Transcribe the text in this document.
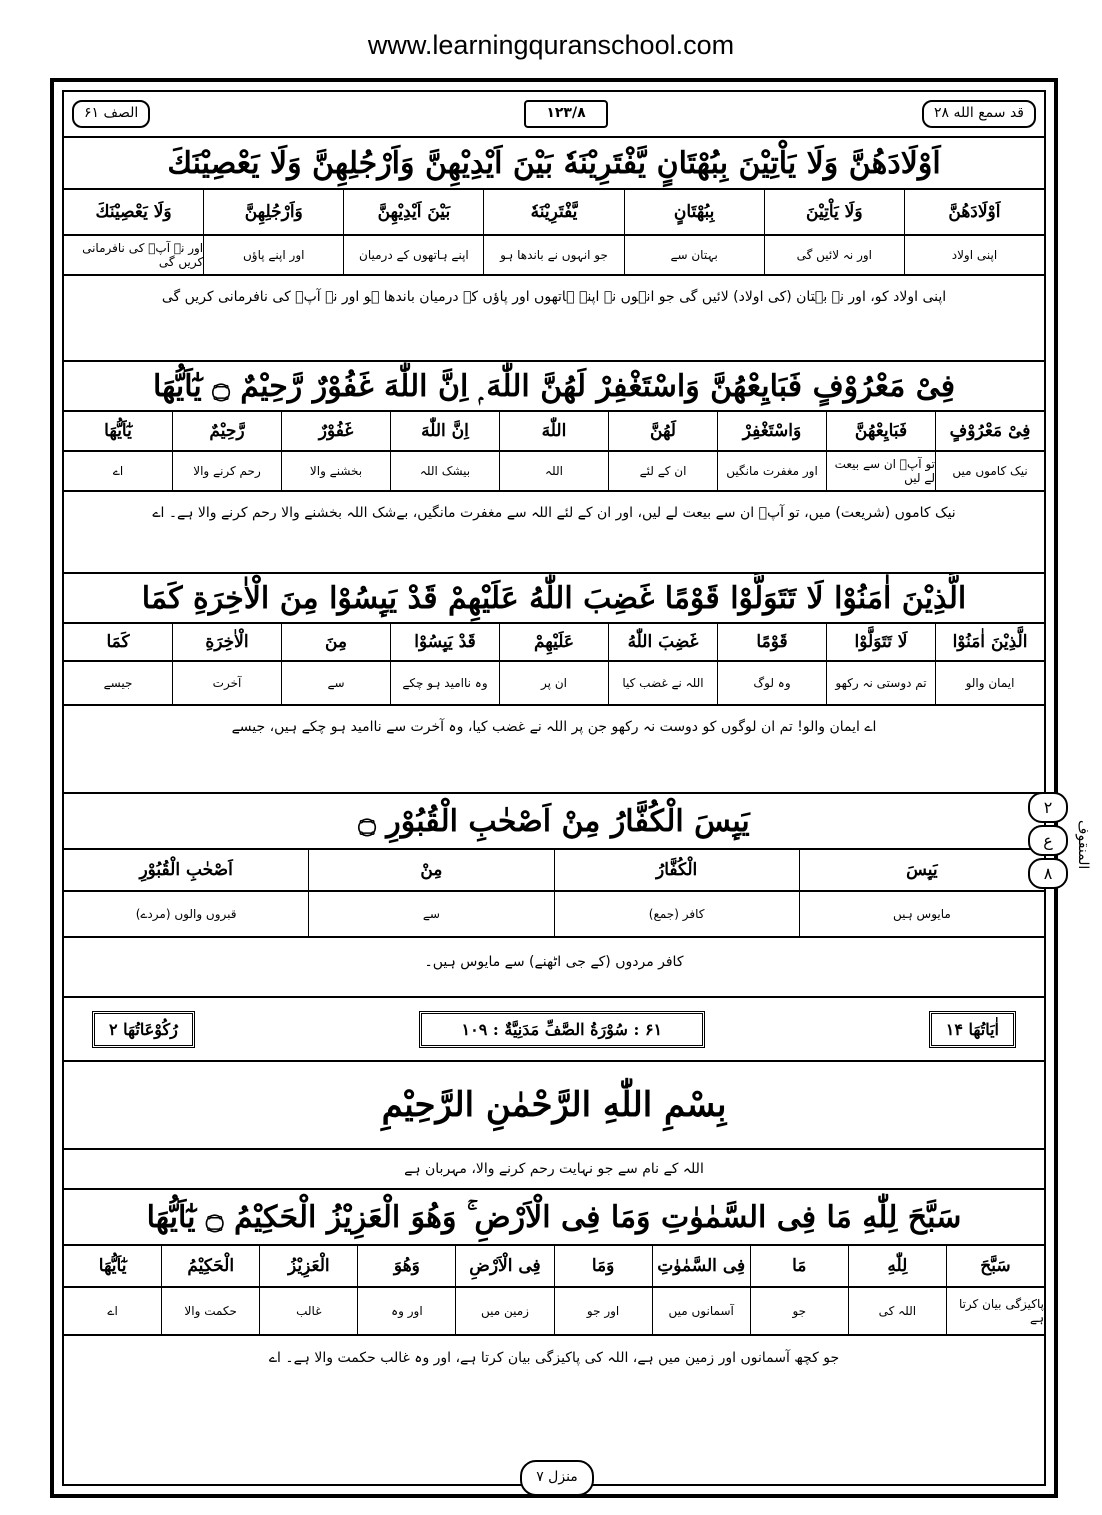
www.learningquranschool.com
قد سمع الله ۲۸
۱۲۳/۸
الصف ۶۱
اَوْلَادَهُنَّ وَلَا يَاْتِيْنَ بِبُهْتَانٍ يَّفْتَرِيْنَهٗ بَيْنَ اَيْدِيْهِنَّ وَاَرْجُلِهِنَّ وَلَا يَعْصِيْنَكَ
اَوْلَادَهُنَّ
وَلَا يَاْتِيْنَ
بِبُهْتَانٍ
يَّفْتَرِيْنَهٗ
بَيْنَ اَيْدِيْهِنَّ
وَاَرْجُلِهِنَّ
وَلَا يَعْصِيْنَكَ
اپنی اولاد
اور نہ لائیں گی
بہتان سے
جو انہوں نے باندھا ہو
اپنے ہاتھوں کے درمیان
اور اپنے پاؤں
اور نہ آپؐ کی نافرمانی کریں گی
اپنی اولاد کو، اور نہ بہتان (کی اولاد) لائیں گی جو انہوں نے اپنے ہاتھوں اور پاؤں کے درمیان باندھا ہو اور نہ آپؐ کی نافرمانی کریں گی
فِىْ مَعْرُوْفٍ فَبَايِعْهُنَّ وَاسْتَغْفِرْ لَهُنَّ اللّٰهَ ۭ اِنَّ اللّٰهَ غَفُوْرٌ رَّحِيْمٌ ۝ يٰٓاَيُّهَا
فِىْ مَعْرُوْفٍ
فَبَايِعْهُنَّ
وَاسْتَغْفِرْ
لَهُنَّ
اللّٰهَ
اِنَّ اللّٰهَ
غَفُوْرٌ
رَّحِيْمٌ
يٰٓاَيُّهَا
نیک کاموں میں
تو آپؐ ان سے بیعت لے لیں
اور مغفرت مانگیں
ان کے لئے
اللہ
بیشک اللہ
بخشنے والا
رحم کرنے والا
اے
نیک کاموں (شریعت) میں، تو آپؐ ان سے بیعت لے لیں، اور ان کے لئے اللہ سے مغفرت مانگیں، بےشک اللہ بخشنے والا رحم کرنے والا ہے۔ اے
الَّذِيْنَ اٰمَنُوْا لَا تَتَوَلَّوْا قَوْمًا غَضِبَ اللّٰهُ عَلَيْهِمْ قَدْ يَىِٕسُوْا مِنَ الْاٰخِرَةِ كَمَا
الَّذِيْنَ اٰمَنُوْا
لَا تَتَوَلَّوْا
قَوْمًا
غَضِبَ اللّٰهُ
عَلَيْهِمْ
قَدْ يَىِٕسُوْا
مِنَ
الْاٰخِرَةِ
كَمَا
ایمان والو
تم دوستی نہ رکھو
وہ لوگ
اللہ نے غضب کیا
ان پر
وہ ناامید ہو چکے
سے
آخرت
جیسے
اے ایمان والو! تم ان لوگوں کو دوست نہ رکھو جن پر اللہ نے غضب کیا، وہ آخرت سے ناامید ہو چکے ہیں، جیسے
يَىِٕسَ الْكُفَّارُ مِنْ اَصْحٰبِ الْقُبُوْرِ ۝
يَىِٕسَ
الْكُفَّارُ
مِنْ
اَصْحٰبِ الْقُبُوْرِ
مایوس ہیں
کافر (جمع)
سے
قبروں والوں (مردے)
کافر مردوں (کے جی اٹھنے) سے مایوس ہیں۔
اٰيَاتُهَا ۱۴
۶۱ : سُوْرَةُ الصَّفِّ مَدَنِيَّةٌ : ۱۰۹
رُكُوْعَاتُهَا ۲
بِسْمِ اللّٰهِ الرَّحْمٰنِ الرَّحِيْمِ
اللہ کے نام سے جو نہایت رحم کرنے والا، مہربان ہے
سَبَّحَ لِلّٰهِ مَا فِى السَّمٰوٰتِ وَمَا فِى الْاَرْضِ ۚ وَهُوَ الْعَزِيْزُ الْحَكِيْمُ ۝ يٰٓاَيُّهَا
سَبَّحَ
لِلّٰهِ
مَا
فِى السَّمٰوٰتِ
وَمَا
فِى الْاَرْضِ
وَهُوَ
الْعَزِيْزُ
الْحَكِيْمُ
يٰٓاَيُّهَا
پاکیزگی بیان کرتا ہے
اللہ کی
جو
آسمانوں میں
اور جو
زمین میں
اور وہ
غالب
حکمت والا
اے
جو کچھ آسمانوں اور زمین میں ہے، اللہ کی پاکیزگی بیان کرتا ہے، اور وہ غالب حکمت والا ہے۔ اے
۲
ع
۸
المنقوف
منزل ۷
